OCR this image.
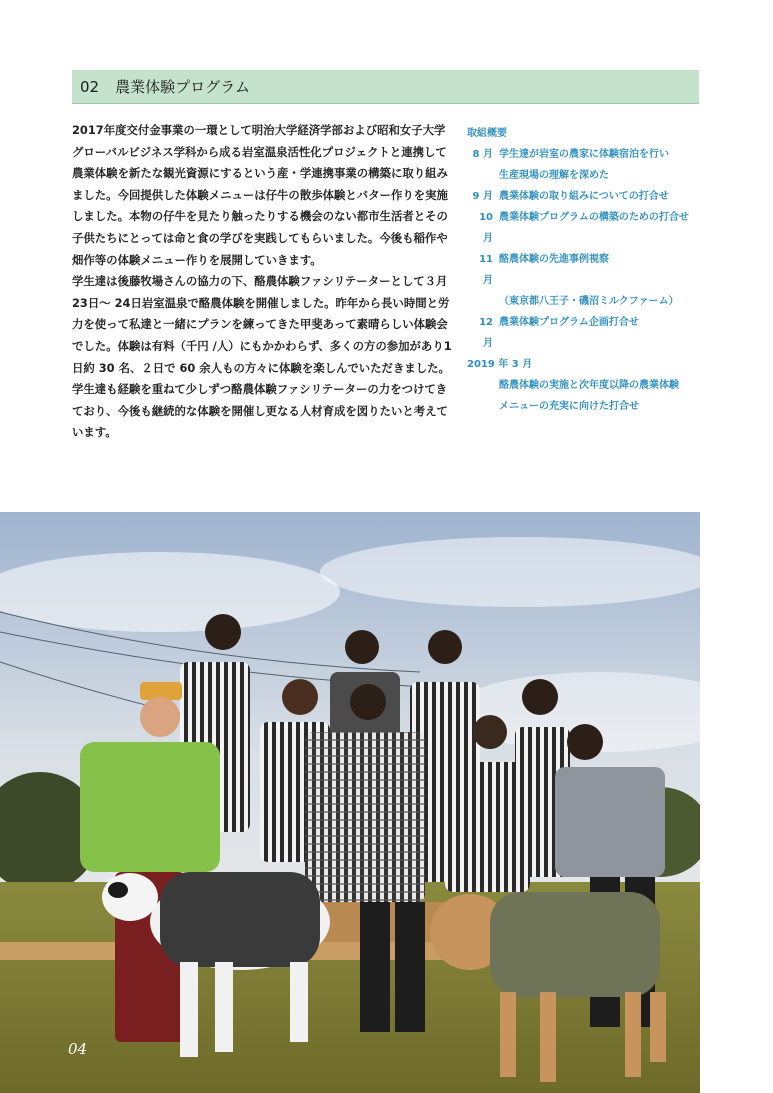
02 農業体験プログラム

2017年度交付金事業の一環として明治大学経済学部および昭和女子大学グローバルビジネス学科から成る岩室温泉活性化プロジェクトと連携して農業体験を新たな観光資源にするという産・学連携事業の構築に取り組みました。今回提供した体験メニューは仔牛の散歩体験とバター作りを実施しました。本物の仔牛を見たり触ったりする機会のない都市生活者とその子供たちにとっては命と食の学びを実践してもらいました。今後も稲作や畑作等の体験メニュー作りを展開していきます。

学生達は後藤牧場さんの協力の下、酪農体験ファシリテーターとして３月23日～ 24日岩室温泉で酪農体験を開催しました。昨年から長い時間と労力を使って私達と一緒にプランを練ってきた甲斐あって素晴らしい体験会でした。体験は有料（千円 /人）にもかかわらず、多くの方の参加があり1日約 30 名、２日で 60 余人もの方々に体験を楽しんでいただきました。学生達も経験を重ねて少しずつ酪農体験ファシリテーターの力をつけてきており、今後も継続的な体験を開催し更なる人材育成を図りたいと考えています。

取組概要

8 月 学生達が岩室の農家に体験宿泊を行い
生産現場の理解を深めた
9 月 農業体験の取り組みについての打合せ
10 月
農業体験プログラムの構築のための打合せ
11 月
酪農体験の先進事例視察
（東京都八王子・磯沼ミルクファーム）
12 月
農業体験プログラム企画打合せ

2019 年 3 月

酪農体験の実施と次年度以降の農業体験
メニューの充実に向けた打合せ
04
